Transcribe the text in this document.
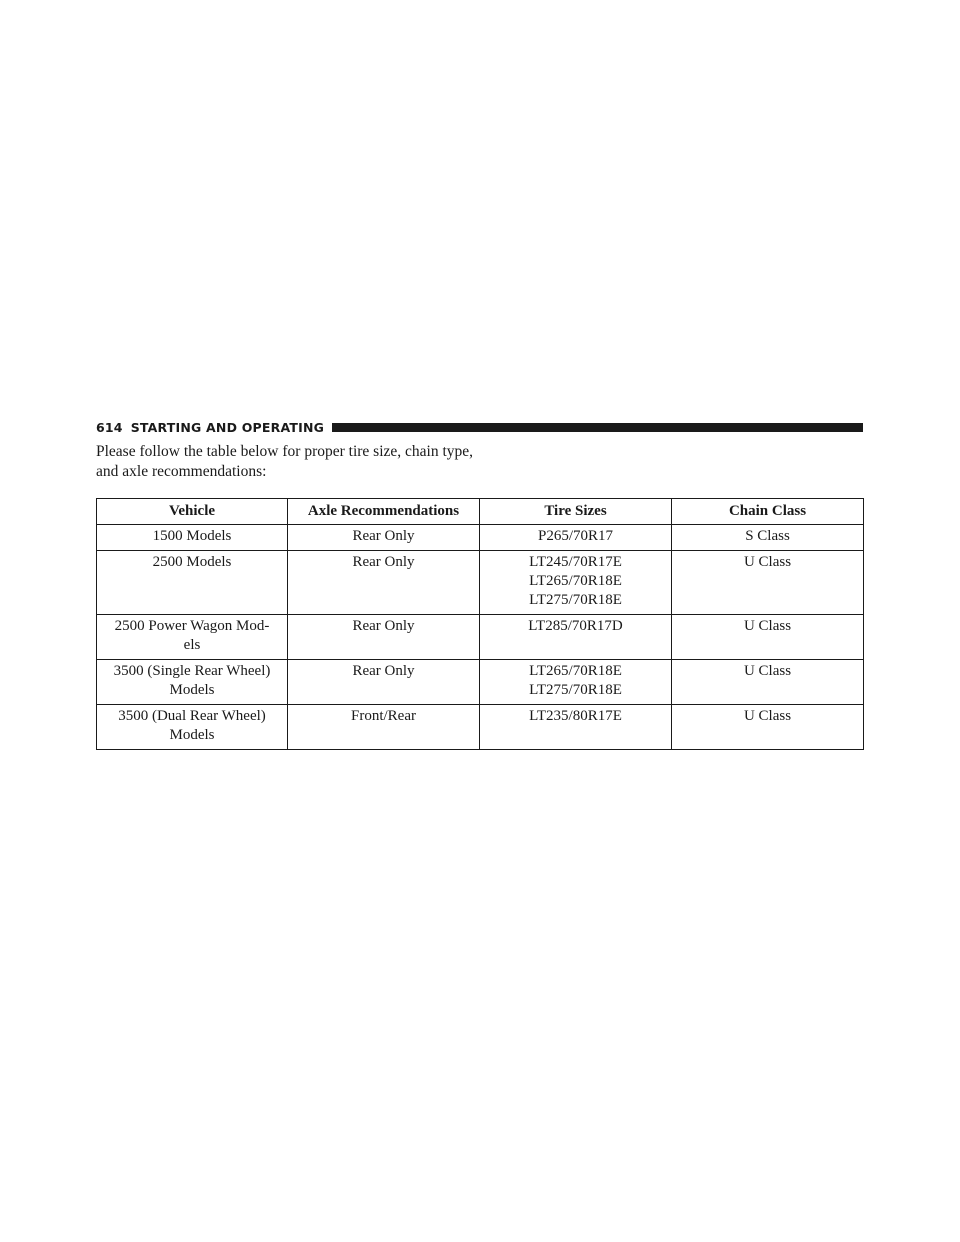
614 STARTING AND OPERATING

Please follow the table below for proper tire size, chain type, and axle recommendations:

Vehicle	Axle Recommendations	Tire Sizes	Chain Class

1500 Models	Rear Only	P265/70R17	S Class

2500 Models	Rear Only	LT245/70R17E
LT265/70R18E
LT275/70R18E	U Class

2500 Power Wagon Mod-
els	Rear Only	LT285/70R17D	U Class

3500 (Single Rear Wheel)
Models	Rear Only	LT265/70R18E
LT275/70R18E	U Class

3500 (Dual Rear Wheel)
Models	Front/Rear	LT235/80R17E	U Class
